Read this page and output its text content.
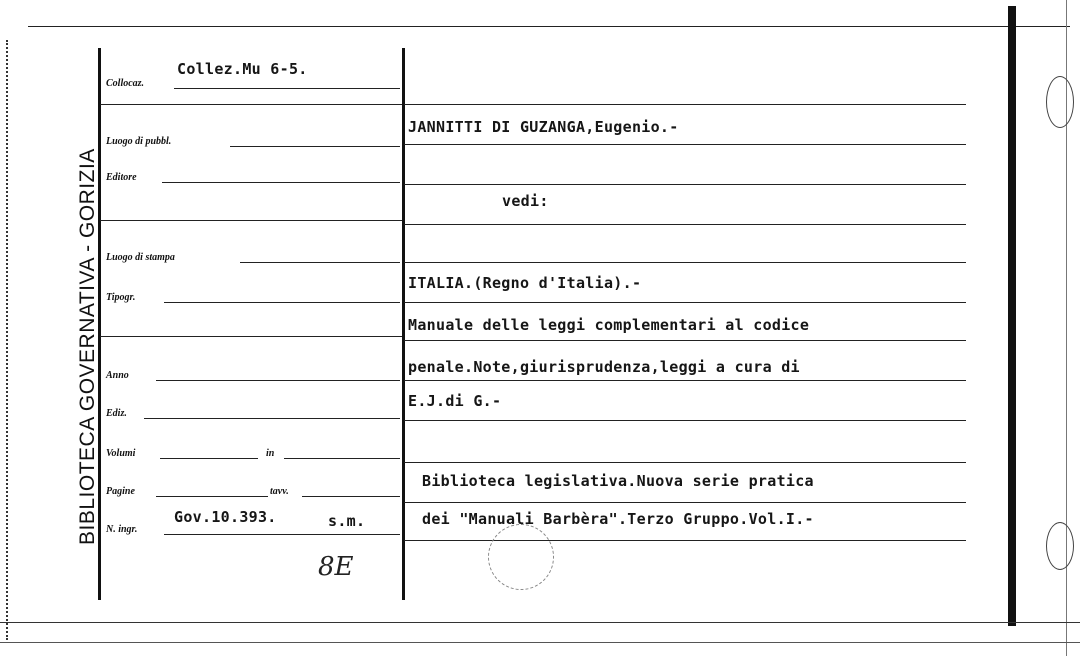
BIBLIOTECA GOVERNATIVA - GORIZIA
Collocaz.
Collez.Mu 6-5.
Luogo di pubbl.
Editore
Luogo di stampa
Tipogr.
Anno
Ediz.
Volumi	in
Pagine	tavv.
N. ingr.
Gov.10.393.	s.m.
8E
JANNITTI DI GUZANGA,Eugenio.-
vedi:
ITALIA.(Regno d'Italia).-
Manuale delle leggi complementari al codice
penale.Note,giurisprudenza,leggi a cura di
E.J.di G.-
Biblioteca legislativa.Nuova serie pratica
dei "Manuali Barbèra".Terzo Gruppo.Vol.I.-
